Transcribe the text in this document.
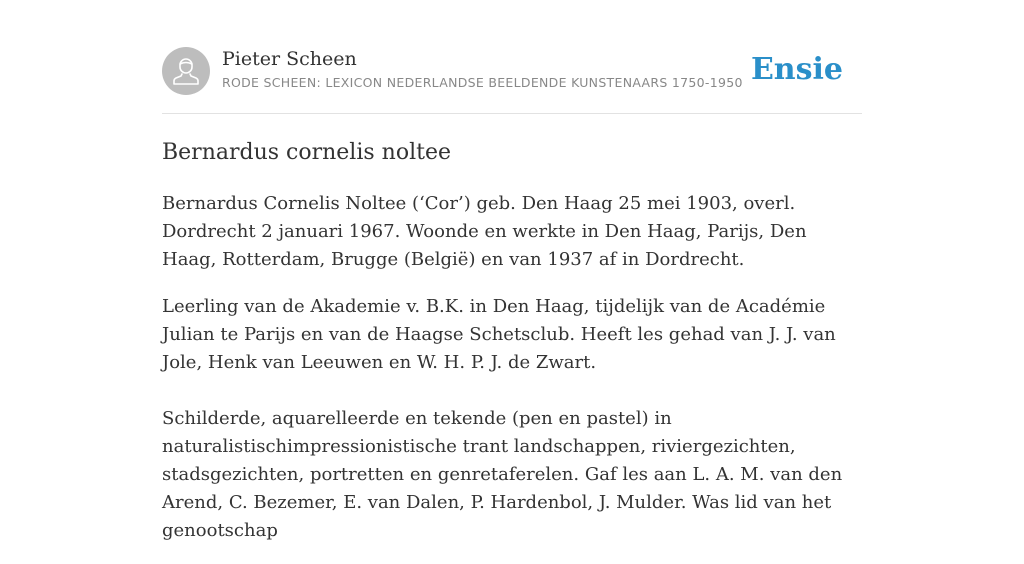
Pieter Scheen
RODE SCHEEN: LEXICON NEDERLANDSE BEELDENDE KUNSTENAARS 1750-1950 Ensie
Bernardus cornelis noltee

Bernardus Cornelis Noltee (‘Cor’) geb. Den Haag 25 mei 1903, overl. Dordrecht 2 januari 1967. Woonde en werkte in Den Haag, Parijs, Den Haag, Rotterdam, Brugge (België) en van 1937 af in Dordrecht.

Leerling van de Akademie v. B.K. in Den Haag, tijdelijk van de Académie Julian te Parijs en van de Haagse Schetsclub. Heeft les gehad van J. J. van Jole, Henk van Leeuwen en W. H. P. J. de Zwart.

Schilderde, aquarelleerde en tekende (pen en pastel) in naturalistischimpressionistische trant landschappen, riviergezichten, stadsgezichten, portretten en genretaferelen. Gaf les aan L. A. M. van den Arend, C. Bezemer, E. van Dalen, P. Hardenbol, J. Mulder. Was lid van het genootschap
